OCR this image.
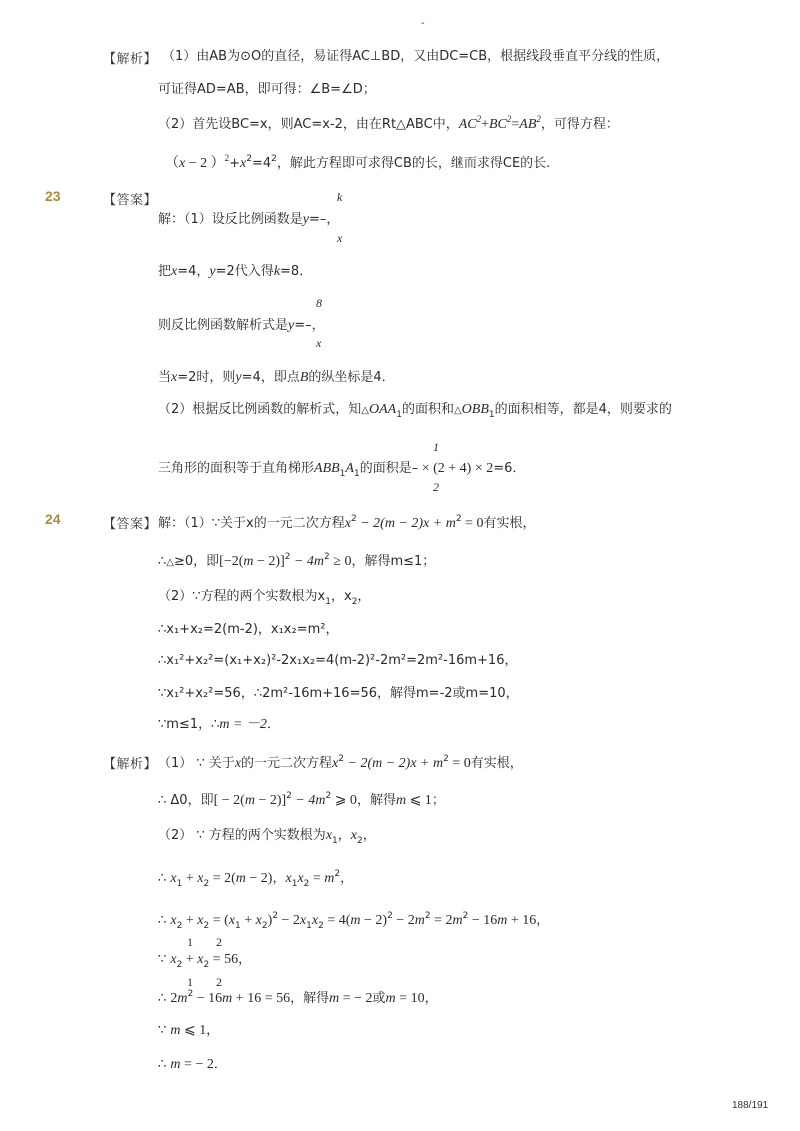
-
【解析】 （1）由AB为⊙O的直径，易证得AC⊥BD，又由DC=CB，根据线段垂直平分线的性质，
可证得AD=AB，即可得：∠B=∠D；
（2）首先设BC=x，则AC=x-2，由在Rt△ABC中，$AC^2+BC^2=AB^2$，可得方程：
（x − 2 ）$^2+x^2=4^2$，解此方程即可求得CB的长，继而求得CE的长.
23	【答案】	k
解：（1）设反比例函数是y=–，
x
把x=4，y=2代入得k=8．
8
则反比例函数解析式是y=–，
x
当x=2时，则y=4，即点B的纵坐标是4．
（2）根据反比例函数的解析式，知$\triangle OAA_1$的面积和$\triangle OBB_1$的面积相等，都是4，则要求的
1
三角形的面积等于直角梯形$ABB_1A_1$的面积是– × (2 + 4) × 2=6．
2
24	【答案】 解：（1）∵关于x的一元二次方程$x^2 - 2(m - 2)x + m^2 = 0$有实根，
∴△≥0，即$[-2(m - 2)]^2 - 4m^2 \ge 0$，解得m≤1；
（2）∵方程的两个实数根为$x_1$，$x_2$，
∴x₁+x₂=2(m-2)，x₁x₂=m²，
∴x₁²+x₂²=(x₁+x₂)²-2x₁x₂=4(m-2)²-2m²=2m²-16m+16，
∵x₁²+x₂²=56，∴2m²-16m+16=56，解得m=-2或m=10，
∵m≤1，∴m = －2．
【解析】 （1） ∵ 关于x的一元二次方程$x^2 - 2(m - 2)x + m^2 = 0$有实根，
∴ Δ0，即[ − $2(m - 2)]^2 - 4m^2$ ⩾ 0，解得m ⩽ 1；
（2） ∵ 方程的两个实数根为$x_1$，$x_2$，
∴ $x_1 + x_2 = 2(m - 2)$，$x_1x_2 = m^2$，
∴ $x_2 + x_2 = (x_1 + x_2)^2 - 2x_1x_2 = 4(m - 2)^2 - 2m^2 = 2m^2 - 16m + 16$，
1 2
∵ $x_2 + x_2 = 56$，
1 2
∴ $2m^2 - 16m + 16 = 56$，解得m = − 2或m = 10，
∵ m ⩽ 1，
∴ m = − 2．
188/191
